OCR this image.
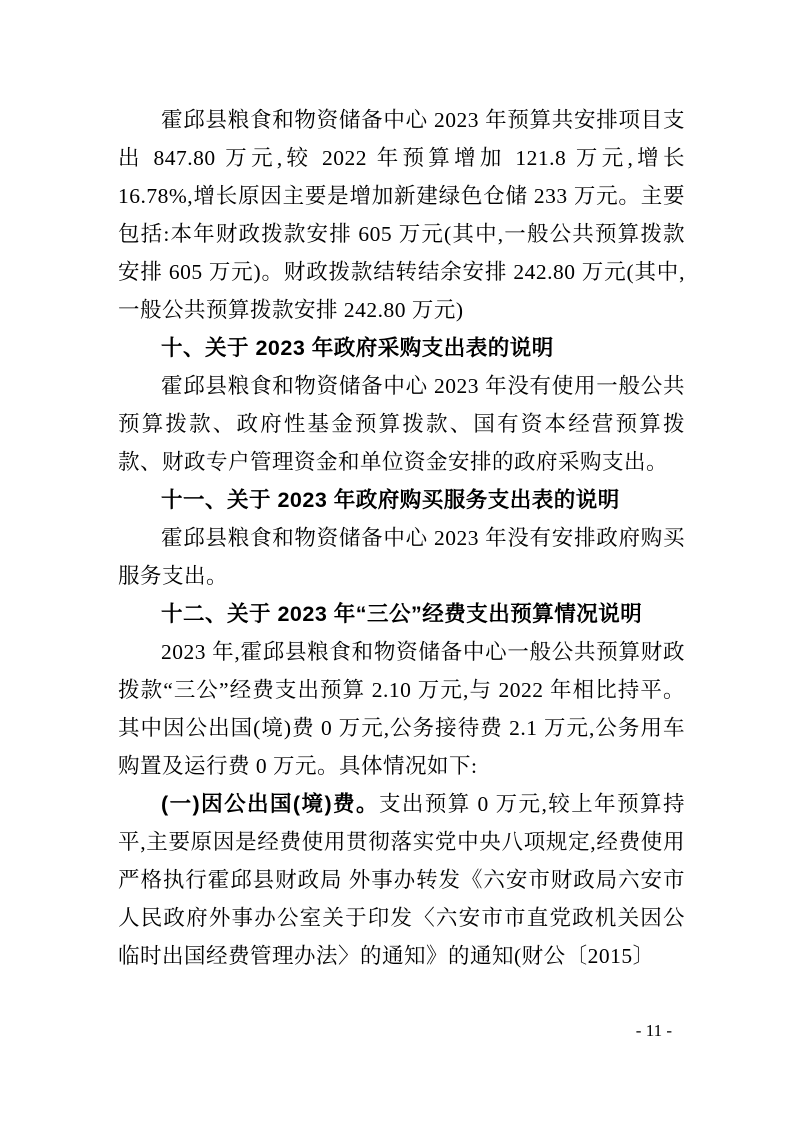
霍邱县粮食和物资储备中心 2023 年预算共安排项目支出 847.80 万元,较 2022 年预算增加 121.8 万元,增长 16.78%,增长原因主要是增加新建绿色仓储 233 万元。主要包括:本年财政拨款安排 605 万元(其中,一般公共预算拨款安排 605 万元)。财政拨款结转结余安排 242.80 万元(其中,一般公共预算拨款安排 242.80 万元)

十、关于 2023 年政府采购支出表的说明

霍邱县粮食和物资储备中心 2023 年没有使用一般公共预算拨款、政府性基金预算拨款、国有资本经营预算拨款、财政专户管理资金和单位资金安排的政府采购支出。

十一、关于 2023 年政府购买服务支出表的说明

霍邱县粮食和物资储备中心 2023 年没有安排政府购买服务支出。

十二、关于 2023 年“三公”经费支出预算情况说明

2023 年,霍邱县粮食和物资储备中心一般公共预算财政拨款“三公”经费支出预算 2.10 万元,与 2022 年相比持平。其中因公出国(境)费 0 万元,公务接待费 2.1 万元,公务用车购置及运行费 0 万元。具体情况如下:

(一)因公出国(境)费。支出预算 0 万元,较上年预算持平,主要原因是经费使用贯彻落实党中央八项规定,经费使用严格执行霍邱县财政局 外事办转发《六安市财政局六安市人民政府外事办公室关于印发〈六安市市直党政机关因公临时出国经费管理办法〉的通知》的通知(财公〔2015〕

- 11 -
